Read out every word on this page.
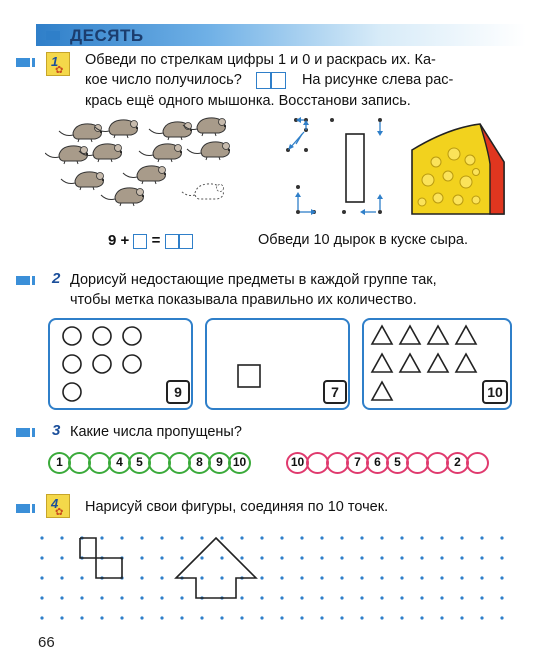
ДЕСЯТЬ
1
✿
Обведи по стрелкам цифры 1 и 0 и раскрась их. Ка-
кое число получилось?	На рисунке слева рас-
крась ещё одного мышонка. Восстанови запись.
9 + =	Обведи 10 дырок в куске сыра.
2 Дорисуй недостающие предметы в каждой группе так,
чтобы метка показывала правильно их количество.
9	7	10
3 Какие числа пропущены?
1	4	5	8	9 10	10	7	6	5	2
4
✿ Нарисуй свои фигуры, соединяя по 10 точек.
66
